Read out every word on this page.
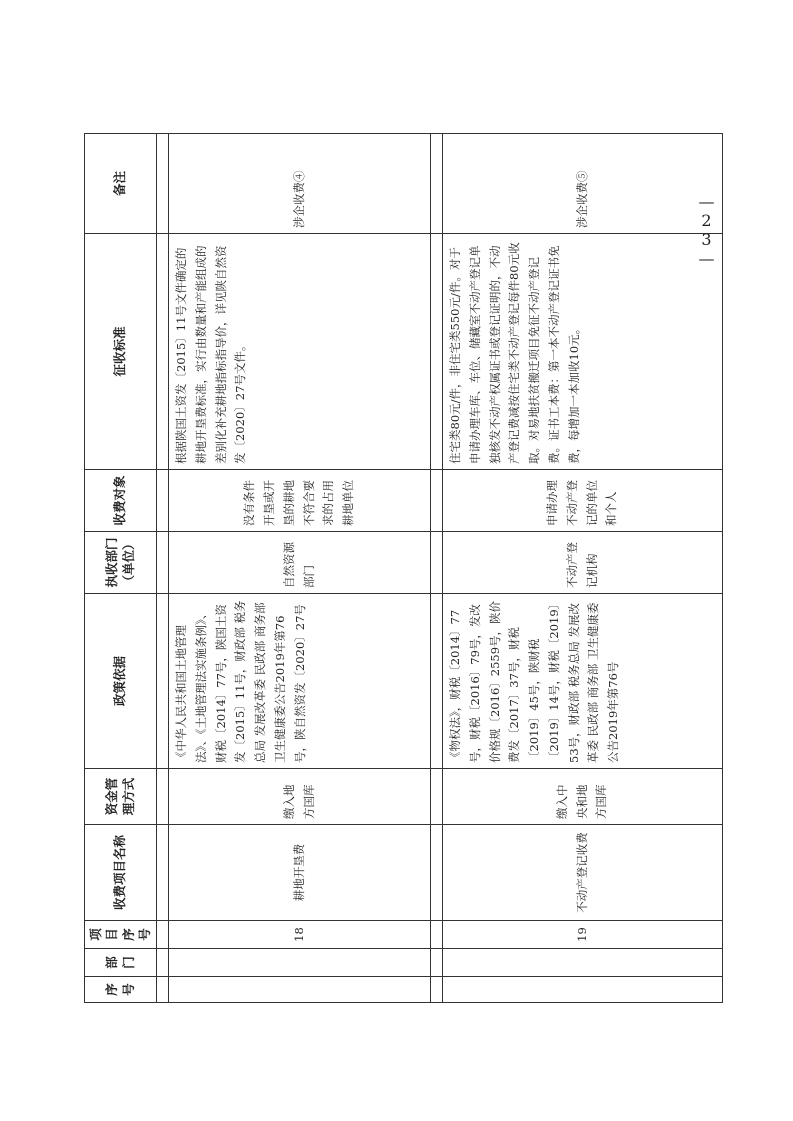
序号	部门	项目序号	收费项目名称	资金管理方式	政策依据	执收部门（单位）	收费对象	征收标准	备注

		18	耕地开垦费	缴入地方国库	《中华人民共和国土地管理法》、《土地管理法实施条例》、财税〔2014〕77号，陕国土资发〔2015〕11号，财政部 税务总局 发展改革委 民政部 商务部 卫生健康委公告2019年第76号，陕自然资发〔2020〕27号	自然资源部门	没有条件开垦或开垦的耕地不符合要求的占用耕地单位	根据陕国土资发〔2015〕11号文件确定的耕地开垦费标准，实行由数量和产能组成的差别化补充耕地指标指导价，详见陕自然资发〔2020〕27号文件。	涉企收费④

		19	不动产登记收费	缴入中央和地方国库	《物权法》，财税〔2014〕77号，财税〔2016〕79号，发改价格规〔2016〕2559号，陕价费发〔2017〕37号，财税〔2019〕45号，陕财税〔2019〕14号，财税〔2019〕53号，财政部 税务总局 发展改革委 民政部 商务部 卫生健康委公告2019年第76号	不动产登记机构	申请办理不动产登记的单位和个人	住宅类80元/件，非住宅类550元/件。对于申请办理车库、车位、储藏室不动产登记单独核发不动产权属证书或登记证明的，不动产登记费减按住宅类不动产登记每件80元收取。对易地扶贫搬迁项目免征不动产登记费。证书工本费：第一本不动产登记证书免费，每增加一本加收10元。	涉企收费⑤	—23—
